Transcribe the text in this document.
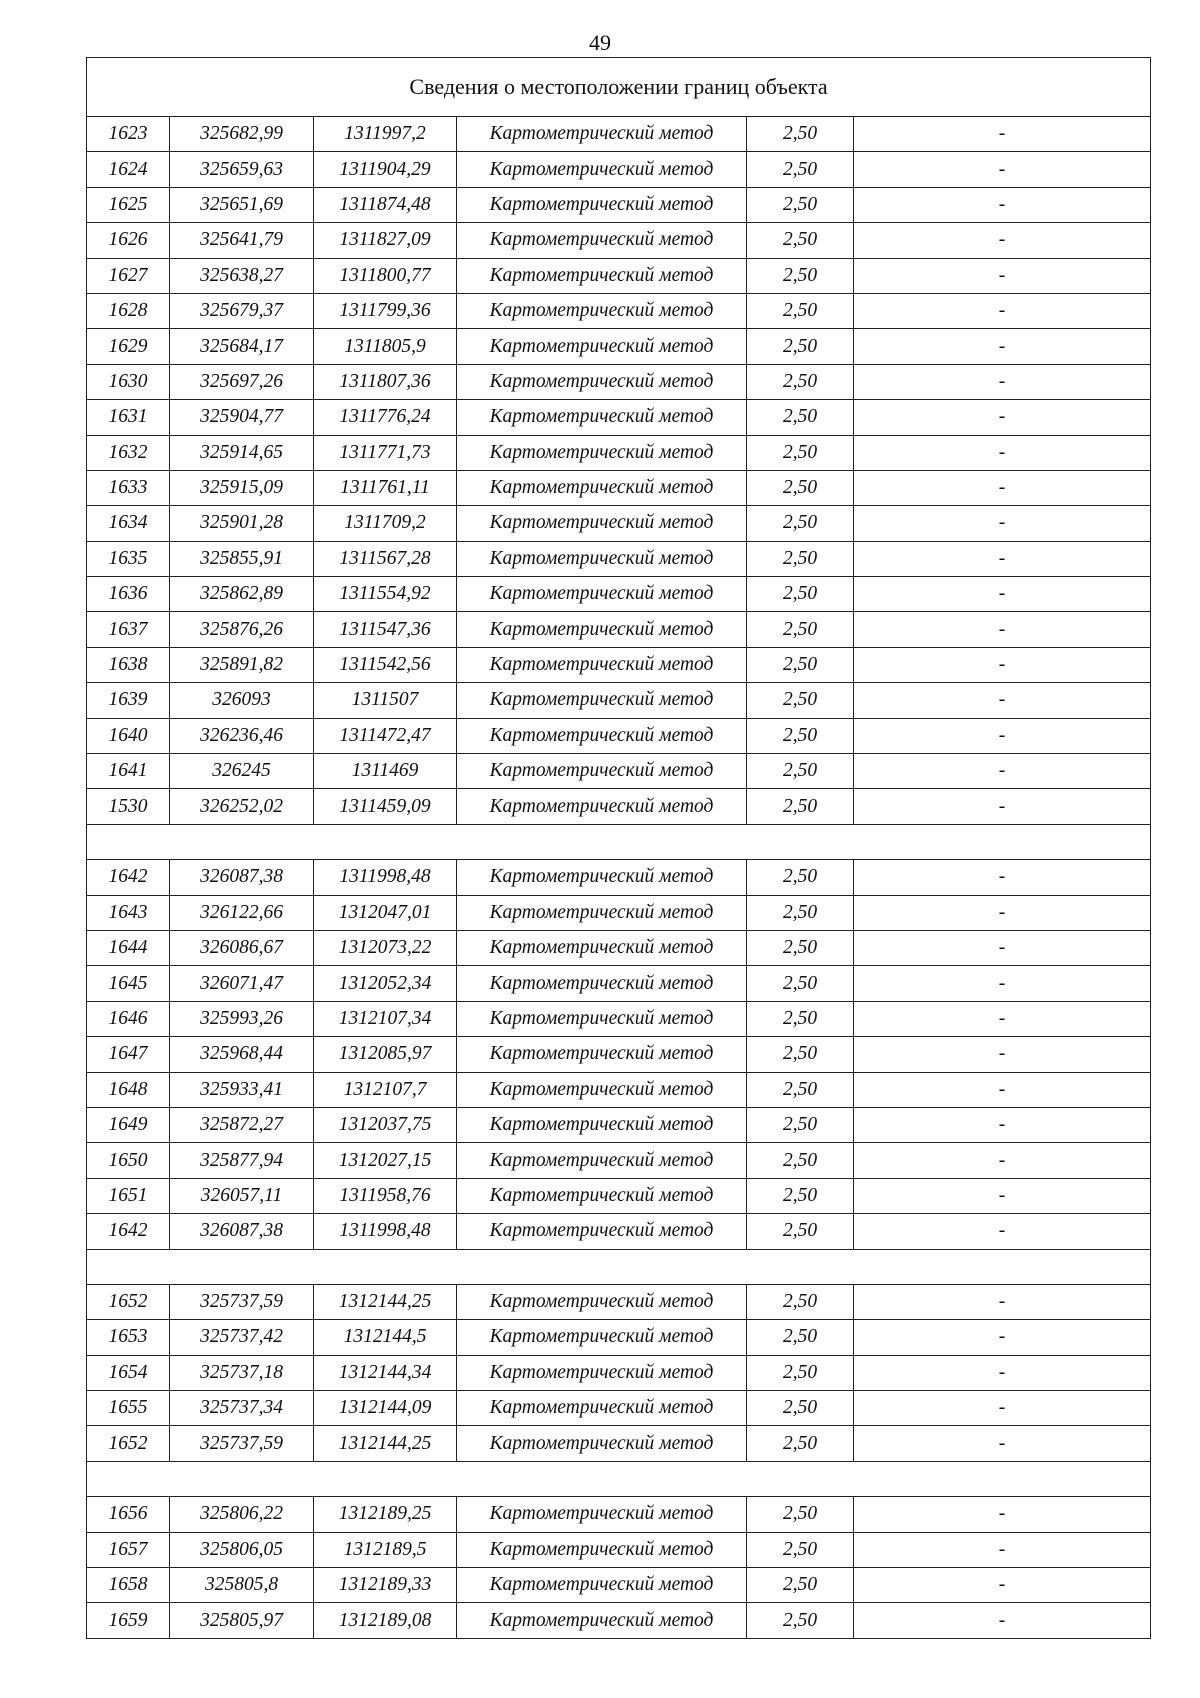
49
Сведения о местоположении границ объекта					
1623	325682,99	1311997,2	Картометрический метод	2,50	-
1624	325659,63	1311904,29	Картометрический метод	2,50	-
1625	325651,69	1311874,48	Картометрический метод	2,50	-
1626	325641,79	1311827,09	Картометрический метод	2,50	-
1627	325638,27	1311800,77	Картометрический метод	2,50	-
1628	325679,37	1311799,36	Картометрический метод	2,50	-
1629	325684,17	1311805,9	Картометрический метод	2,50	-
1630	325697,26	1311807,36	Картометрический метод	2,50	-
1631	325904,77	1311776,24	Картометрический метод	2,50	-
1632	325914,65	1311771,73	Картометрический метод	2,50	-
1633	325915,09	1311761,11	Картометрический метод	2,50	-
1634	325901,28	1311709,2	Картометрический метод	2,50	-
1635	325855,91	1311567,28	Картометрический метод	2,50	-
1636	325862,89	1311554,92	Картометрический метод	2,50	-
1637	325876,26	1311547,36	Картометрический метод	2,50	-
1638	325891,82	1311542,56	Картометрический метод	2,50	-
1639	326093	1311507	Картометрический метод	2,50	-
1640	326236,46	1311472,47	Картометрический метод	2,50	-
1641	326245	1311469	Картометрический метод	2,50	-
1530	326252,02	1311459,09	Картометрический метод	2,50	-

1642	326087,38	1311998,48	Картометрический метод	2,50	-
1643	326122,66	1312047,01	Картометрический метод	2,50	-
1644	326086,67	1312073,22	Картометрический метод	2,50	-
1645	326071,47	1312052,34	Картометрический метод	2,50	-
1646	325993,26	1312107,34	Картометрический метод	2,50	-
1647	325968,44	1312085,97	Картометрический метод	2,50	-
1648	325933,41	1312107,7	Картометрический метод	2,50	-
1649	325872,27	1312037,75	Картометрический метод	2,50	-
1650	325877,94	1312027,15	Картометрический метод	2,50	-
1651	326057,11	1311958,76	Картометрический метод	2,50	-
1642	326087,38	1311998,48	Картометрический метод	2,50	-

1652	325737,59	1312144,25	Картометрический метод	2,50	-
1653	325737,42	1312144,5	Картометрический метод	2,50	-
1654	325737,18	1312144,34	Картометрический метод	2,50	-
1655	325737,34	1312144,09	Картометрический метод	2,50	-
1652	325737,59	1312144,25	Картометрический метод	2,50	-

1656	325806,22	1312189,25	Картометрический метод	2,50	-
1657	325806,05	1312189,5	Картометрический метод	2,50	-
1658	325805,8	1312189,33	Картометрический метод	2,50	-
1659	325805,97	1312189,08	Картометрический метод	2,50	-
